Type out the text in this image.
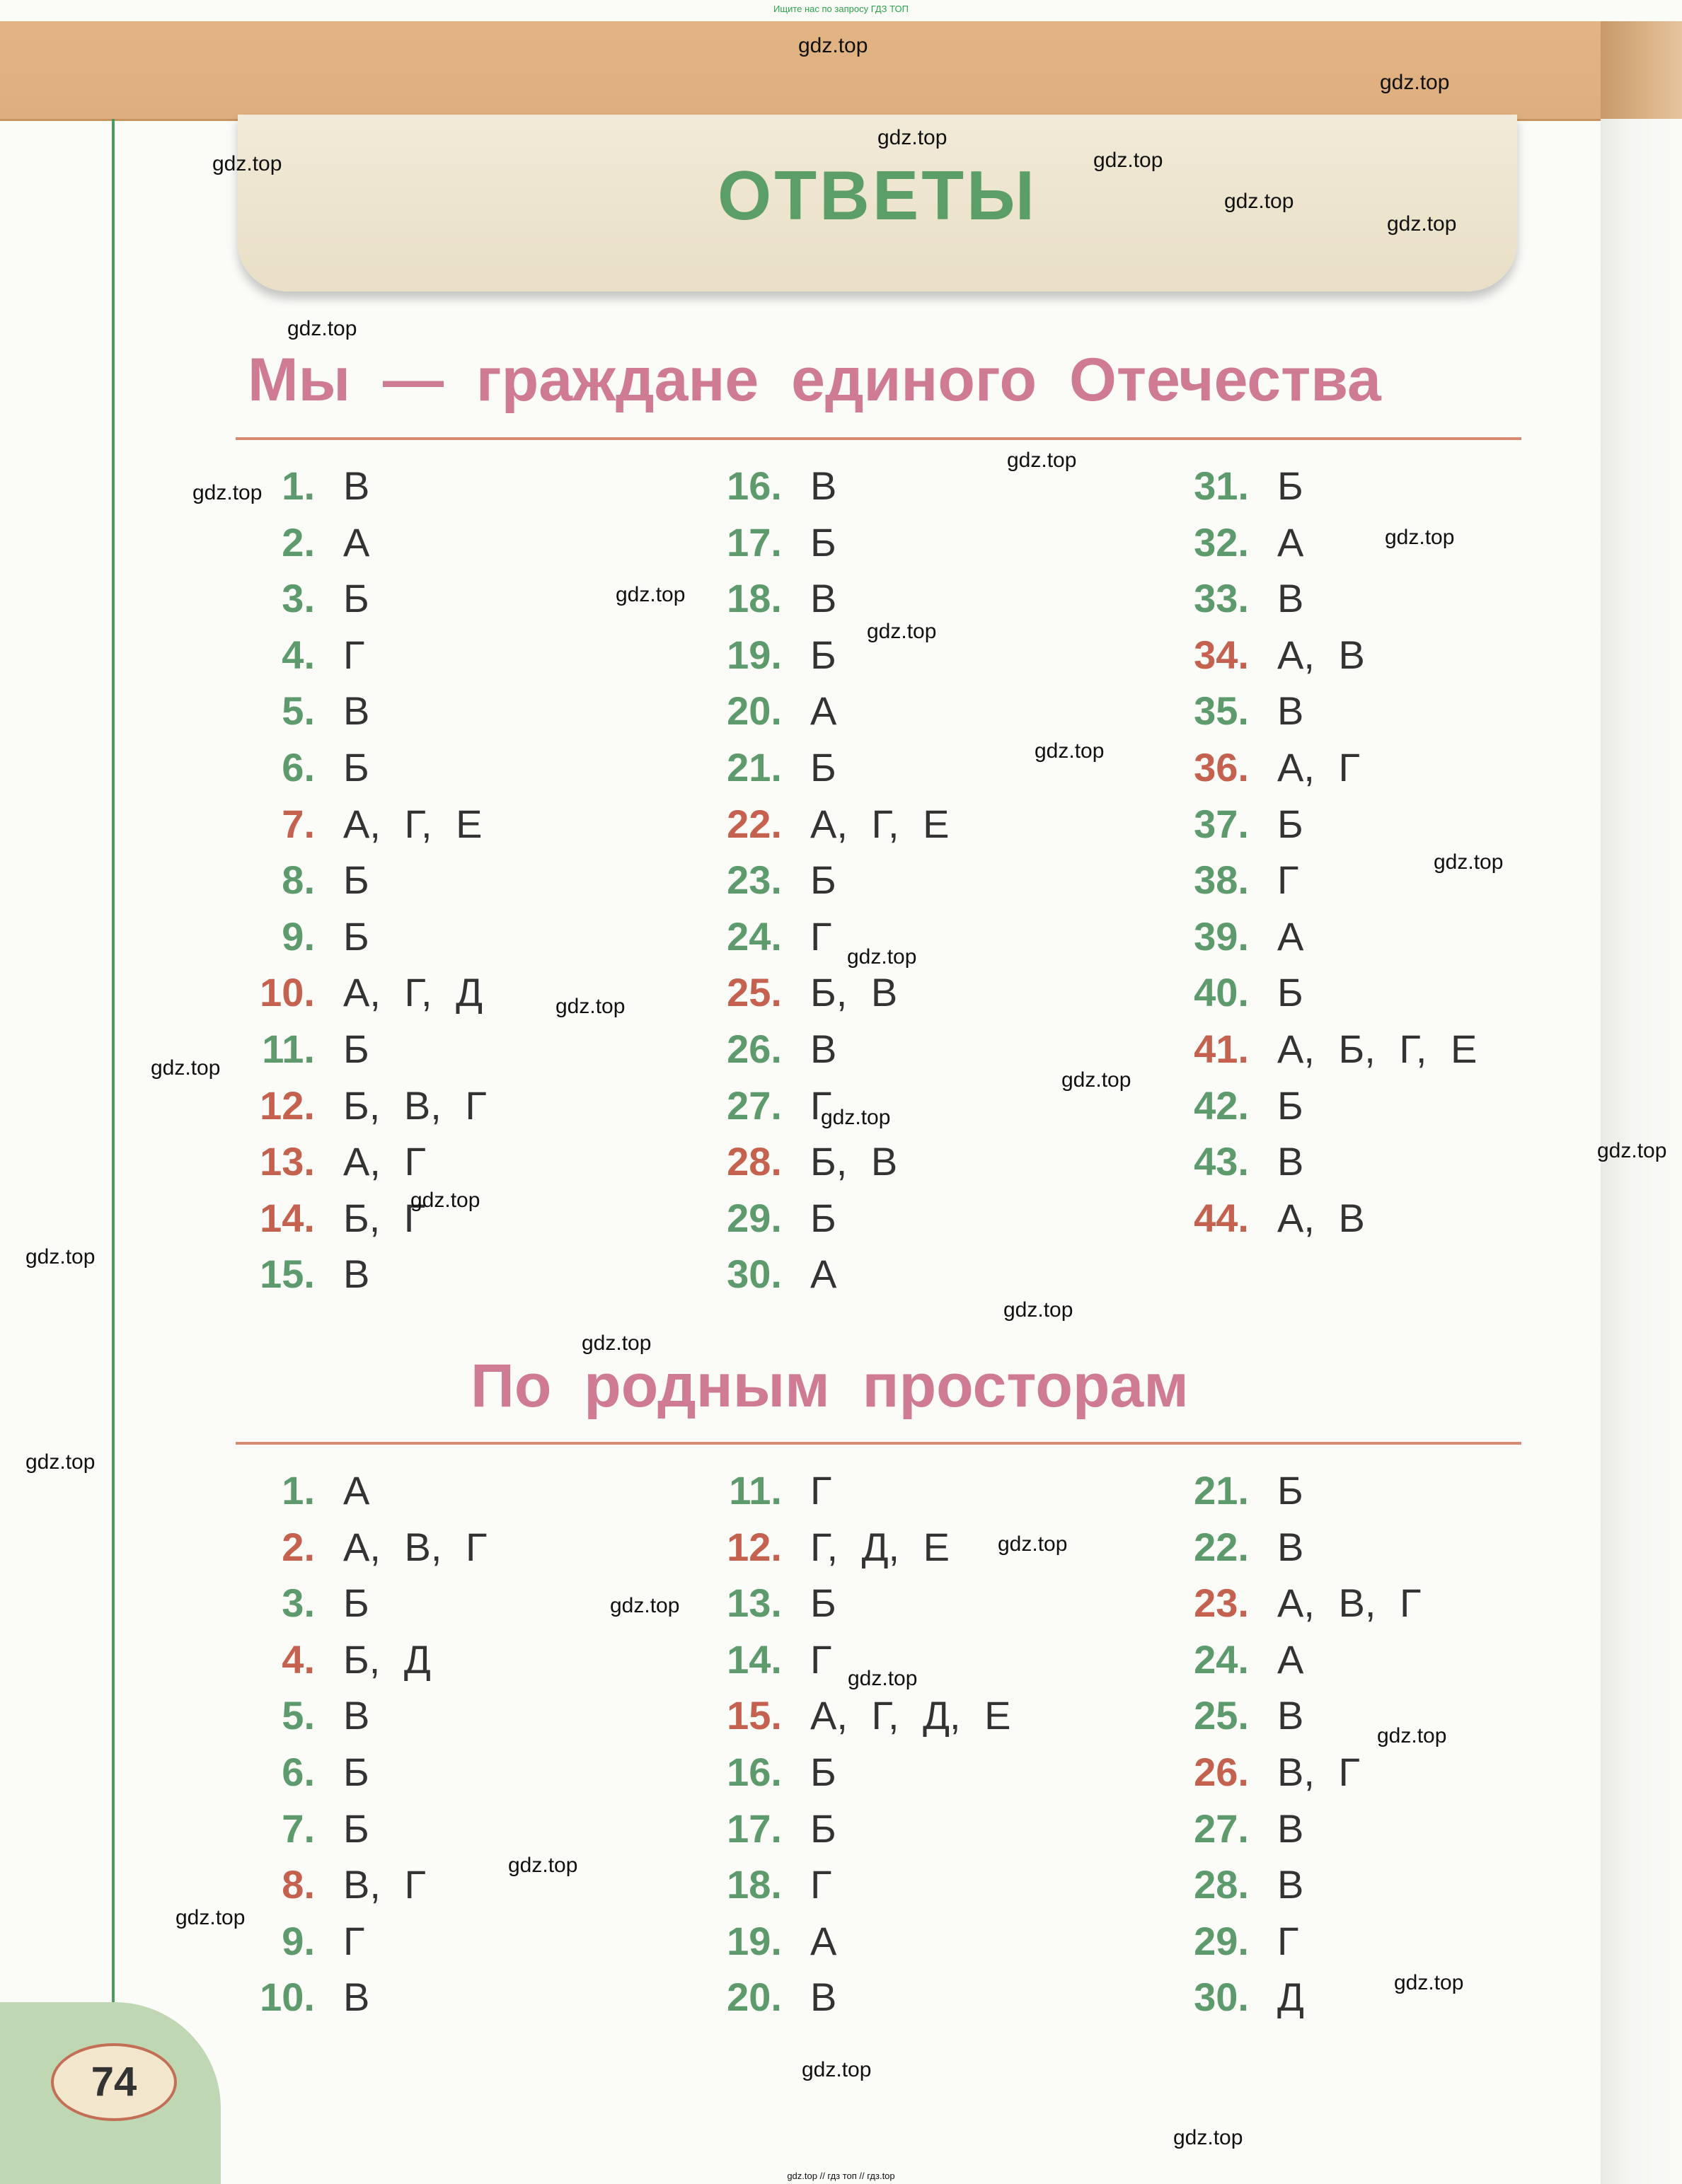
Ищите нас по запросу ГДЗ ТОП
ОТВЕТЫ
Мы — граждане единого Отечества
По родным просторам
1. В
2. А
3. Б
4. Г
5. В
6. Б
7. А, Г, Е
8. Б
9. Б
10. А, Г, Д
11. Б
12. Б, В, Г
13. А, Г
14. Б, Г
15. В
16. В
17. Б
18. В
19. Б
20. А
21. Б
22. А, Г, Е
23. Б
24. Г
25. Б, В
26. В
27. Г
28. Б, В
29. Б
30. А
31. Б
32. А
33. В
34. А, В
35. В
36. А, Г
37. Б
38. Г
39. А
40. Б
41. А, Б, Г, Е
42. Б
43. В
44. А, В
1. А
2. А, В, Г
3. Б
4. Б, Д
5. В
6. Б
7. Б
8. В, Г
9. Г
10. В
11. Г
12. Г, Д, Е
13. Б
14. Г
15. А, Г, Д, Е
16. Б
17. Б
18. Г
19. А
20. В
21. Б
22. В
23. А, В, Г
24. А
25. В
26. В, Г
27. В
28. В
29. Г
30. Д
74
gdz.top
gdz.top
gdz.top
gdz.top
gdz.top
gdz.top
gdz.top
gdz.top
gdz.top
gdz.top
gdz.top
gdz.top
gdz.top
gdz.top
gdz.top
gdz.top
gdz.top
gdz.top
gdz.top
gdz.top
gdz.top
gdz.top
gdz.top
gdz.top
gdz.top
gdz.top
gdz.top
gdz.top
gdz.top
gdz.top
gdz.top
gdz.top
gdz.top
gdz.top
gdz.top
gdz.top // гдз топ // гдз.top
